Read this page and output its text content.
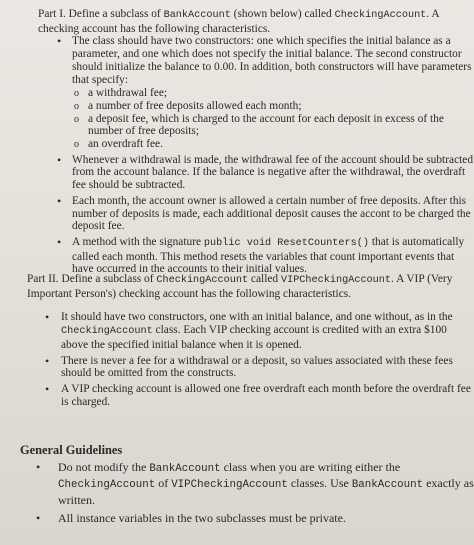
Part I. Define a subclass of BankAccount (shown below) called CheckingAccount. A checking account has the following characteristics.

• The class should have two constructors: one which specifies the initial balance as a parameter, and one which does not specify the initial balance. The second constructor should initialize the balance to 0.00. In addition, both constructors will have parameters that specify:
o a withdrawal fee;
o a number of free deposits allowed each month;
o a deposit fee, which is charged to the account for each deposit in excess of the number of free deposits;
o an overdraft fee.
• Whenever a withdrawal is made, the withdrawal fee of the account should be subtracted from the account balance. If the balance is negative after the withdrawal, the overdraft fee should be subtracted.
• Each month, the account owner is allowed a certain number of free deposits. After this number of deposits is made, each additional deposit causes the accont to be charged the deposit fee.
• A method with the signature public void ResetCounters() that is automatically called each month. This method resets the variables that count important events that have occurred in the accounts to their initial values.

Part II. Define a subclass of CheckingAccount called VIPCheckingAccount. A VIP (Very Important Person's) checking account has the following characteristics.

• It should have two constructors, one with an initial balance, and one without, as in the CheckingAccount class. Each VIP checking account is credited with an extra $100 above the specified initial balance when it is opened.
• There is never a fee for a withdrawal or a deposit, so values associated with these fees should be omitted from the constructs.
• A VIP checking account is allowed one free overdraft each month before the overdraft fee is charged.

General Guidelines

• Do not modify the BankAccount class when you are writing either the CheckingAccount of VIPCheckingAccount classes. Use BankAccount exactly as written.
• All instance variables in the two subclasses must be private.
